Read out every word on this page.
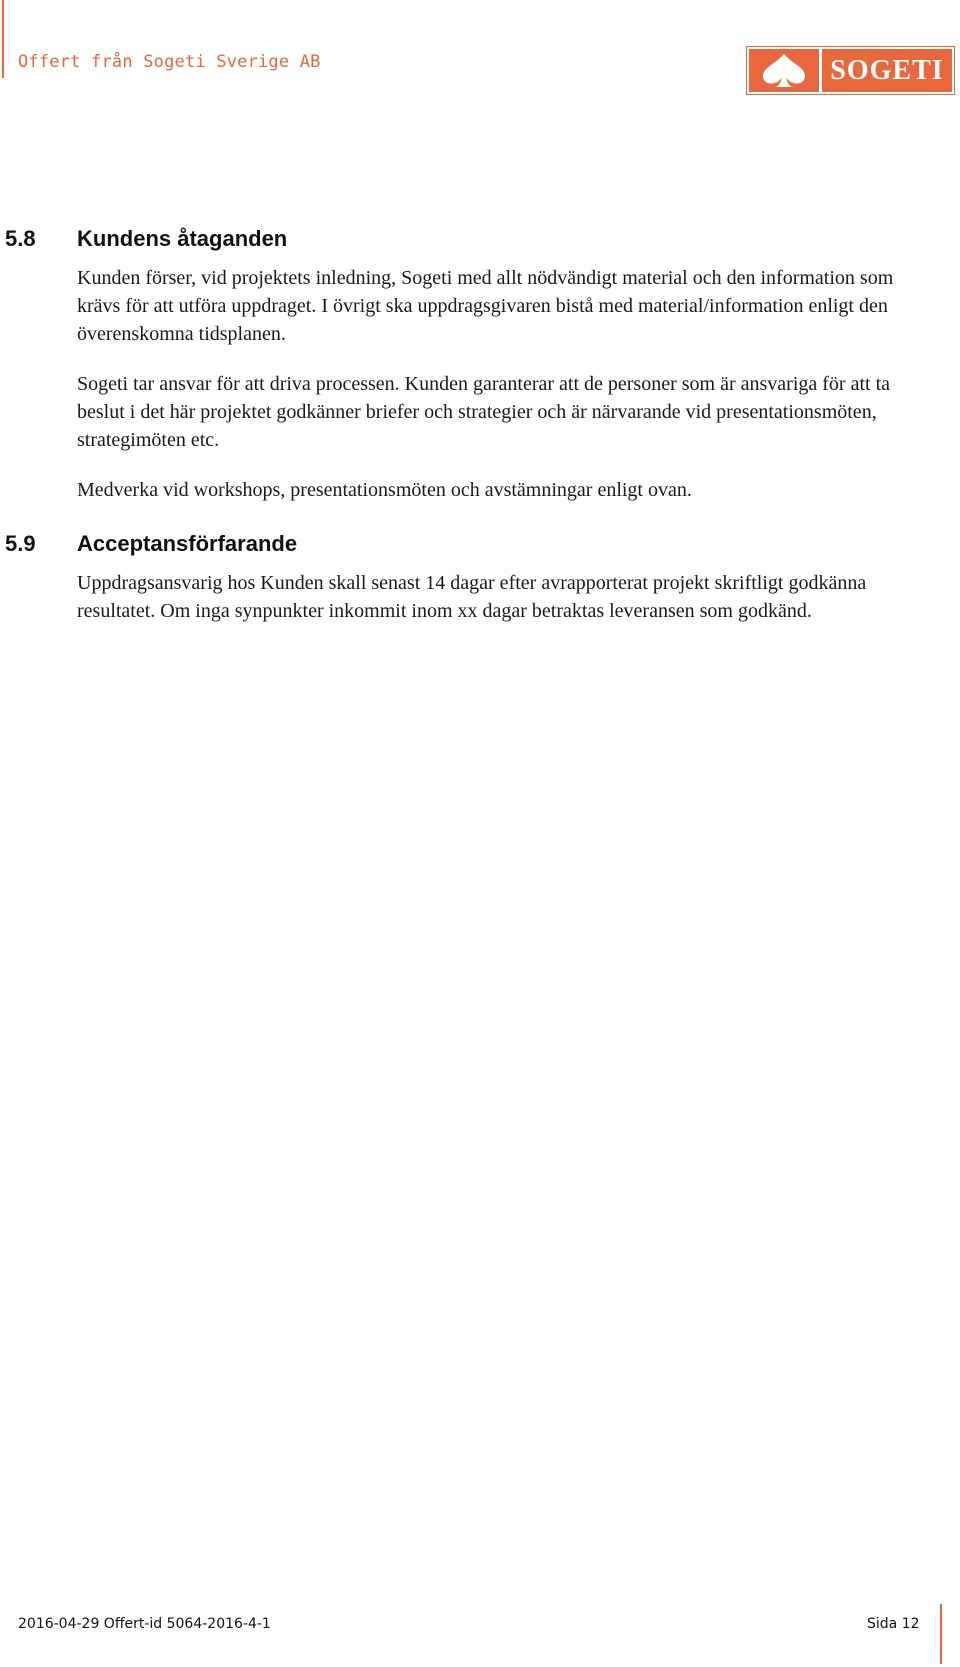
Offert från Sogeti Sverige AB	SOGETI
5.8 Kundens åtaganden
Kunden förser, vid projektets inledning, Sogeti med allt nödvändigt material och den information som krävs för att utföra uppdraget. I övrigt ska uppdragsgivaren bistå med material/information enligt den överenskomna tidsplanen.
Sogeti tar ansvar för att driva processen. Kunden garanterar att de personer som är ansvariga för att ta beslut i det här projektet godkänner briefer och strategier och är närvarande vid presentationsmöten, strategimöten etc.
Medverka vid workshops, presentationsmöten och avstämningar enligt ovan.
5.9 Acceptansförfarande
Uppdragsansvarig hos Kunden skall senast 14 dagar efter avrapporterat projekt skriftligt godkänna resultatet. Om inga synpunkter inkommit inom xx dagar betraktas leveransen som godkänd.
2016-04-29 Offert-id 5064-2016-4-1	Sida 12
